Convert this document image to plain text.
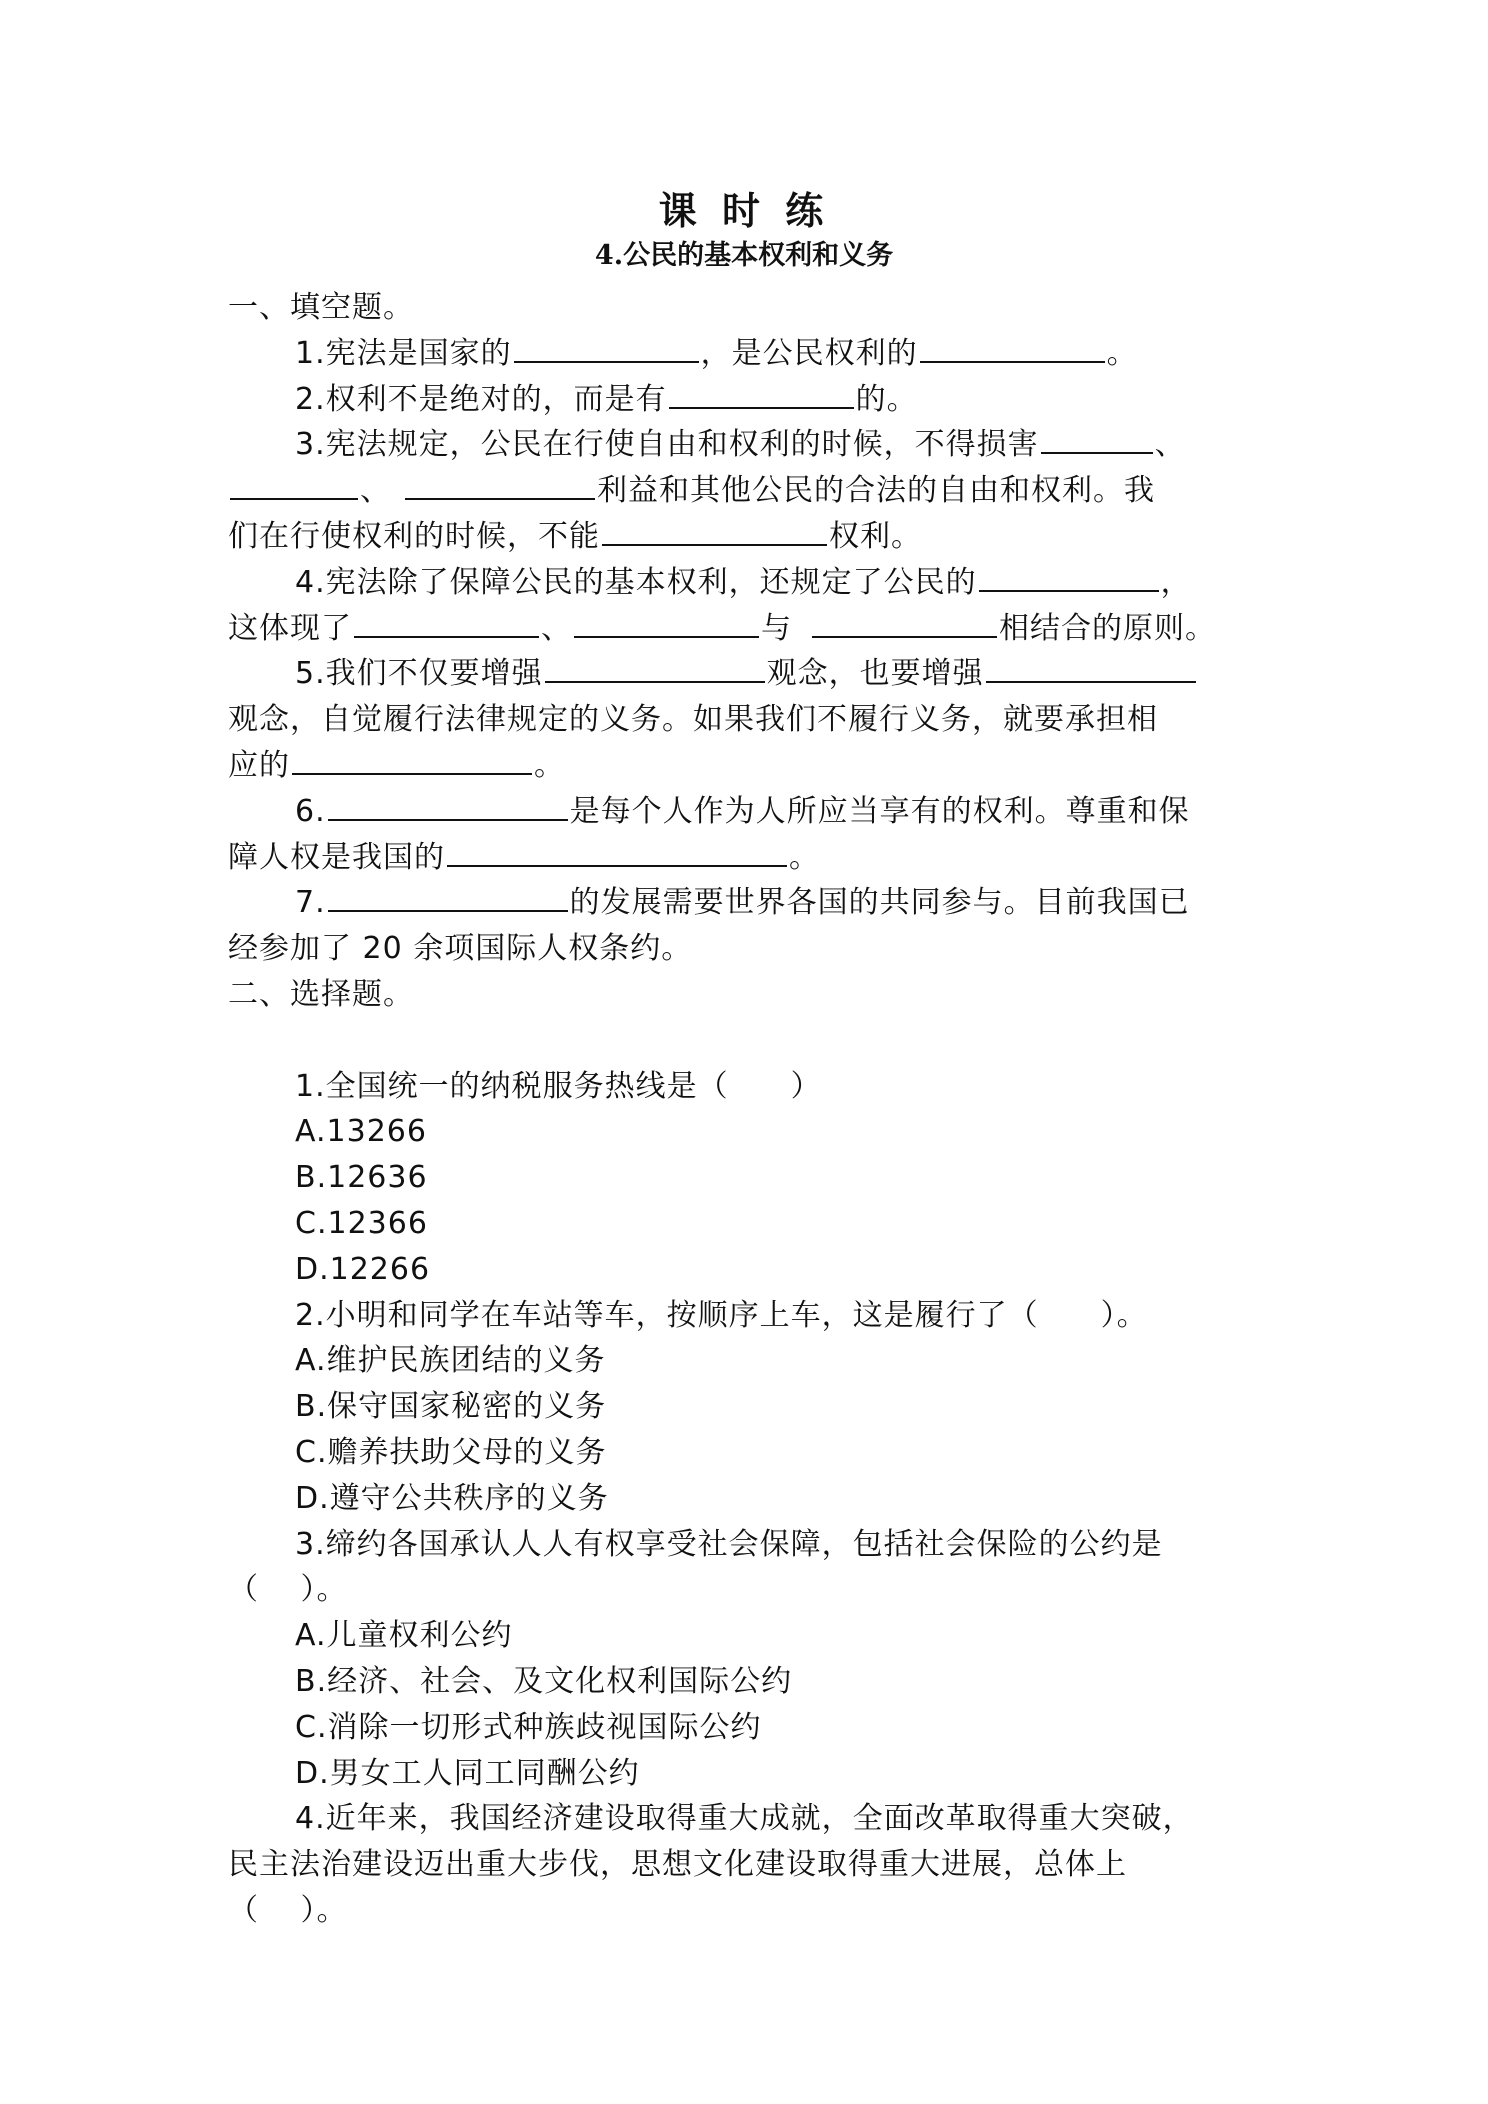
课 时 练
4.公民的基本权利和义务
一、填空题。
1.宪法是国家的	，是公民权利的	。
2.权利不是绝对的，而是有	的。
3.宪法规定，公民在行使自由和权利的时候，不得损害	、
、	利益和其他公民的合法的自由和权利。我
们在行使权利的时候，不能	权利。
4.宪法除了保障公民的基本权利，还规定了公民的	，
这体现了	、	与	相结合的原则。
5.我们不仅要增强	观念，也要增强
观念，自觉履行法律规定的义务。如果我们不履行义务，就要承担相
应的	。
6.	是每个人作为人所应当享有的权利。尊重和保
障人权是我国的	。
7.	的发展需要世界各国的共同参与。目前我国已
经参加了 20 余项国际人权条约。
二、选择题。
1.全国统一的纳税服务热线是（　　）
A.13266
B.12636
C.12366
D.12266
2.小明和同学在车站等车，按顺序上车，这是履行了（　　）。
A.维护民族团结的义务
B.保守国家秘密的义务
C.赡养扶助父母的义务
D.遵守公共秩序的义务
3.缔约各国承认人人有权享受社会保障，包括社会保险的公约是
（　 ）。
A.儿童权利公约
B.经济、社会、及文化权利国际公约
C.消除一切形式种族歧视国际公约
D.男女工人同工同酬公约
4.近年来，我国经济建设取得重大成就，全面改革取得重大突破，
民主法治建设迈出重大步伐，思想文化建设取得重大进展，总体上
（　 ）。
